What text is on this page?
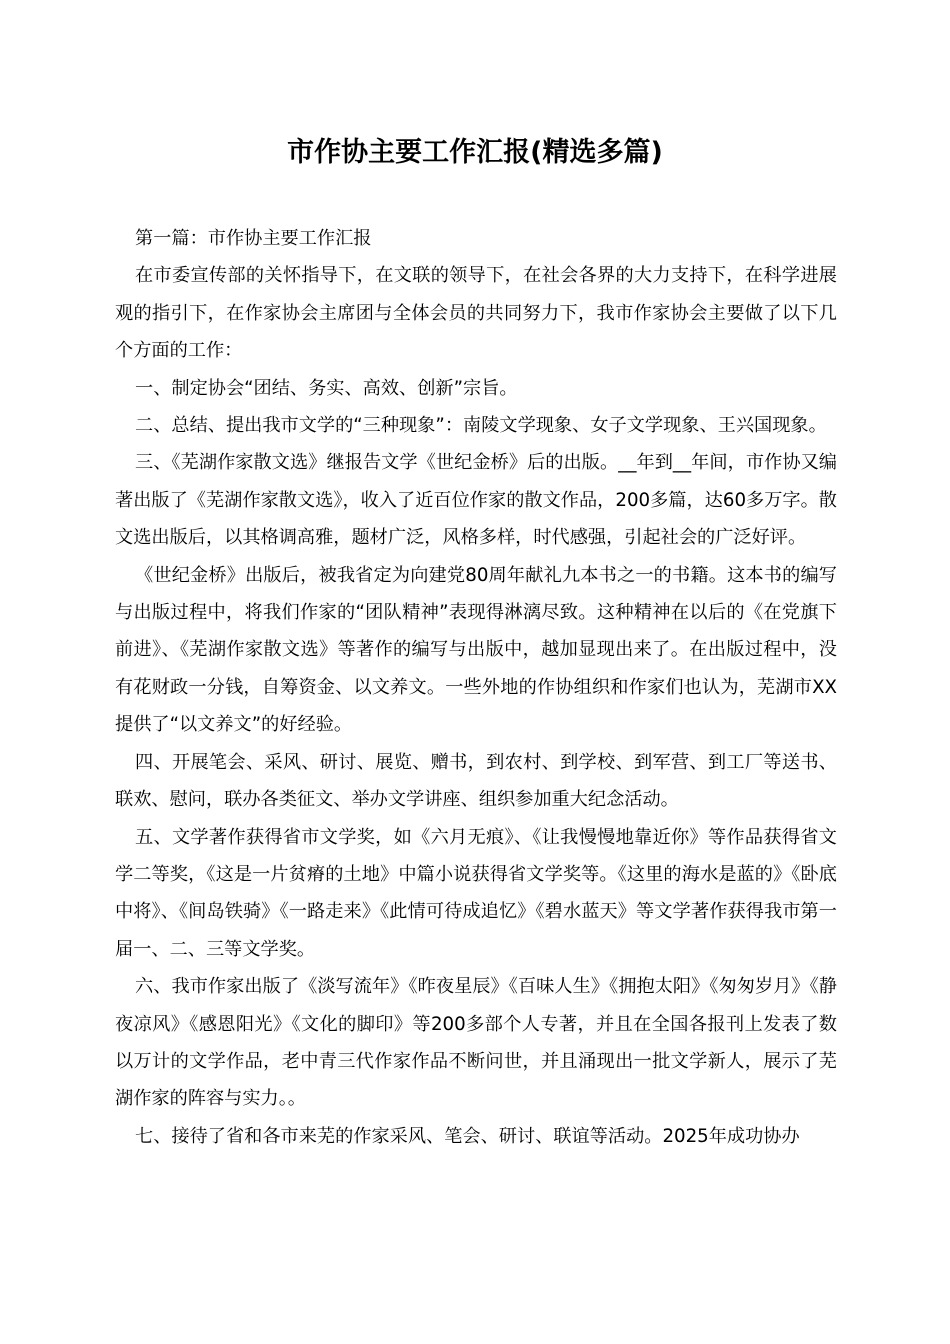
市作协主要工作汇报(精选多篇)

第一篇：市作协主要工作汇报

在市委宣传部的关怀指导下，在文联的领导下，在社会各界的大力支持下，在科学进展观的指引下，在作家协会主席团与全体会员的共同努力下，我市作家协会主要做了以下几个方面的工作：

一、制定协会“团结、务实、高效、创新”宗旨。

二、总结、提出我市文学的“三种现象”：南陵文学现象、女子文学现象、王兴国现象。

三、《芜湖作家散文选》继报告文学《世纪金桥》后的出版。__年到__年间，市作协又编著出版了《芜湖作家散文选》，收入了近百位作家的散文作品，200多篇，达60多万字。散文选出版后，以其格调高雅，题材广泛，风格多样，时代感强，引起社会的广泛好评。

《世纪金桥》出版后，被我省定为向建党80周年献礼九本书之一的书籍。这本书的编写与出版过程中，将我们作家的“团队精神”表现得淋漓尽致。这种精神在以后的《在党旗下前进》、《芜湖作家散文选》等著作的编写与出版中，越加显现出来了。在出版过程中，没有花财政一分钱，自筹资金、以文养文。一些外地的作协组织和作家们也认为，芜湖市XX提供了“以文养文”的好经验。

四、开展笔会、采风、研讨、展览、赠书，到农村、到学校、到军营、到工厂等送书、联欢、慰问，联办各类征文、举办文学讲座、组织参加重大纪念活动。

五、文学著作获得省市文学奖，如《六月无痕》、《让我慢慢地靠近你》等作品获得省文学二等奖，《这是一片贫瘠的土地》中篇小说获得省文学奖等。《这里的海水是蓝的》《卧底中将》、《间岛铁骑》《一路走来》《此情可待成追忆》《碧水蓝天》等文学著作获得我市第一届一、二、三等文学奖。

六、我市作家出版了《淡写流年》《昨夜星辰》《百味人生》《拥抱太阳》《匆匆岁月》《静夜凉风》《感恩阳光》《文化的脚印》等200多部个人专著，并且在全国各报刊上发表了数以万计的文学作品，老中青三代作家作品不断问世，并且涌现出一批文学新人，展示了芜湖作家的阵容与实力。。

七、接待了省和各市来芜的作家采风、笔会、研讨、联谊等活动。2025年成功协办
